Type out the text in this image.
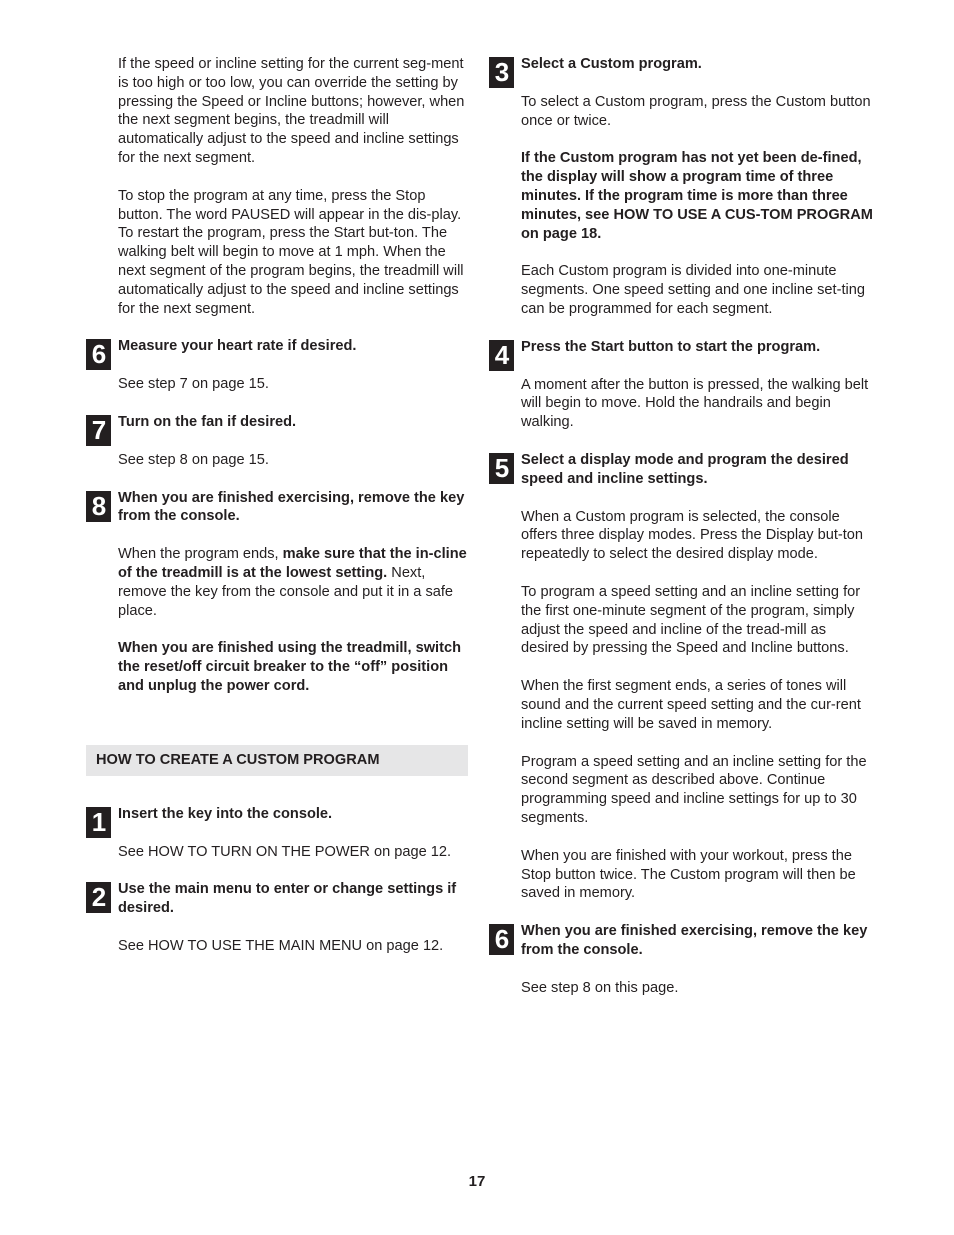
If the speed or incline setting for the current seg-ment is too high or too low, you can override the setting by pressing the Speed or Incline buttons; however, when the next segment begins, the treadmill will automatically adjust to the speed and incline settings for the next segment.

To stop the program at any time, press the Stop button. The word PAUSED will appear in the dis-play. To restart the program, press the Start but-ton. The walking belt will begin to move at 1 mph. When the next segment of the program begins, the treadmill will automatically adjust to the speed and incline settings for the next segment.

6 Measure your heart rate if desired.

See step 7 on page 15.

7 Turn on the fan if desired.

See step 8 on page 15.

8 When you are finished exercising, remove the key from the console.

When the program ends, make sure that the in-cline of the treadmill is at the lowest setting. Next, remove the key from the console and put it in a safe place.

When you are finished using the treadmill, switch the reset/off circuit breaker to the “off” position and unplug the power cord.

HOW TO CREATE A CUSTOM PROGRAM
1 Insert the key into the console.

See HOW TO TURN ON THE POWER on page 12.

2 Use the main menu to enter or change settings if desired.

See HOW TO USE THE MAIN MENU on page 12.

3 Select a Custom program.

To select a Custom program, press the Custom button once or twice.

If the Custom program has not yet been de-fined, the display will show a program time of three minutes. If the program time is more than three minutes, see HOW TO USE A CUS-TOM PROGRAM on page 18.

Each Custom program is divided into one-minute segments. One speed setting and one incline set-ting can be programmed for each segment.

4 Press the Start button to start the program.

A moment after the button is pressed, the walking belt will begin to move. Hold the handrails and begin walking.

5 Select a display mode and program the desired speed and incline settings.

When a Custom program is selected, the console offers three display modes. Press the Display but-ton repeatedly to select the desired display mode.

To program a speed setting and an incline setting for the first one-minute segment of the program, simply adjust the speed and incline of the tread-mill as desired by pressing the Speed and Incline buttons.

When the first segment ends, a series of tones will sound and the current speed setting and the cur-rent incline setting will be saved in memory.

Program a speed setting and an incline setting for the second segment as described above. Continue programming speed and incline settings for up to 30 segments.

When you are finished with your workout, press the Stop button twice. The Custom program will then be saved in memory.

6 When you are finished exercising, remove the key from the console.

See step 8 on this page.

17
